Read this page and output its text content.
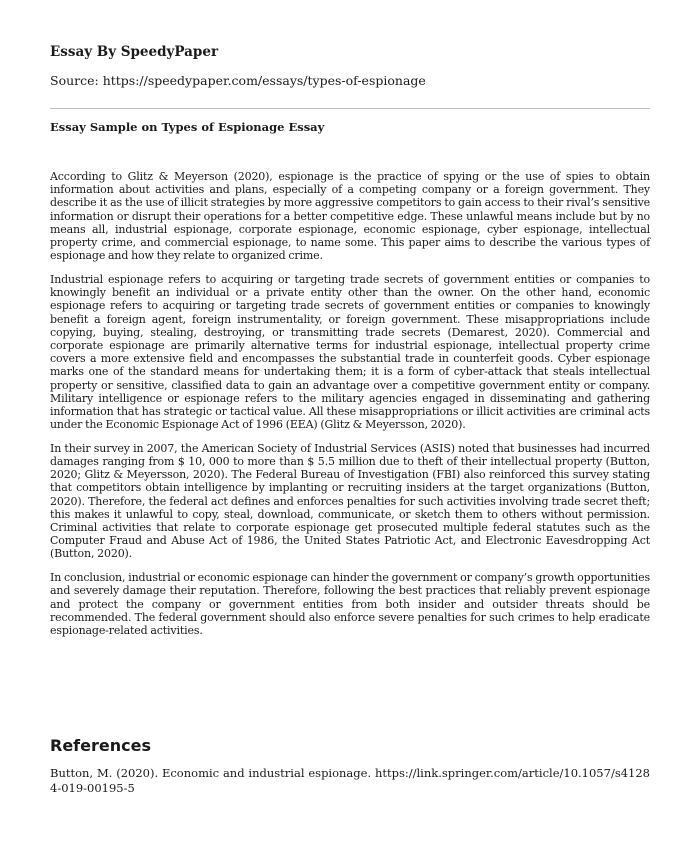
Essay By SpeedyPaper

Source: https://speedypaper.com/essays/types-of-espionage

Essay Sample on Types of Espionage Essay

According to Glitz & Meyerson (2020), espionage is the practice of spying or the use of spies to obtain information about activities and plans, especially of a competing company or a foreign government. They describe it as the use of illicit strategies by more aggressive competitors to gain access to their rival’s sensitive information or disrupt their operations for a better competitive edge. These unlawful means include but by no means all, industrial espionage, corporate espionage, economic espionage, cyber espionage, intellectual property crime, and commercial espionage, to name some. This paper aims to describe the various types of espionage and how they relate to organized crime.

Industrial espionage refers to acquiring or targeting trade secrets of government entities or companies to knowingly benefit an individual or a private entity other than the owner. On the other hand, economic espionage refers to acquiring or targeting trade secrets of government entities or companies to knowingly benefit a foreign agent, foreign instrumentality, or foreign government. These misappropriations include copying, buying, stealing, destroying, or transmitting trade secrets (Demarest, 2020). Commercial and corporate espionage are primarily alternative terms for industrial espionage, intellectual property crime covers a more extensive field and encompasses the substantial trade in counterfeit goods. Cyber espionage marks one of the standard means for undertaking them; it is a form of cyber-attack that steals intellectual property or sensitive, classified data to gain an advantage over a competitive government entity or company. Military intelligence or espionage refers to the military agencies engaged in disseminating and gathering information that has strategic or tactical value. All these misappropriations or illicit activities are criminal acts under the Economic Espionage Act of 1996 (EEA) (Glitz & Meyersson, 2020).

In their survey in 2007, the American Society of Industrial Services (ASIS) noted that businesses had incurred damages ranging from $ 10, 000 to more than $ 5.5 million due to theft of their intellectual property (Button, 2020; Glitz & Meyersson, 2020). The Federal Bureau of Investigation (FBI) also reinforced this survey stating that competitors obtain intelligence by implanting or recruiting insiders at the target organizations (Button, 2020). Therefore, the federal act defines and enforces penalties for such activities involving trade secret theft; this makes it unlawful to copy, steal, download, communicate, or sketch them to others without permission. Criminal activities that relate to corporate espionage get prosecuted multiple federal statutes such as the Computer Fraud and Abuse Act of 1986, the United States Patriotic Act, and Electronic Eavesdropping Act (Button, 2020).

In conclusion, industrial or economic espionage can hinder the government or company’s growth opportunities and severely damage their reputation. Therefore, following the best practices that reliably prevent espionage and protect the company or government entities from both insider and outsider threats should be recommended. The federal government should also enforce severe penalties for such crimes to help eradicate espionage-related activities.

References

Button, M. (2020). Economic and industrial espionage. https://link.springer.com/article/10.1057/s41284-019-00195-5
